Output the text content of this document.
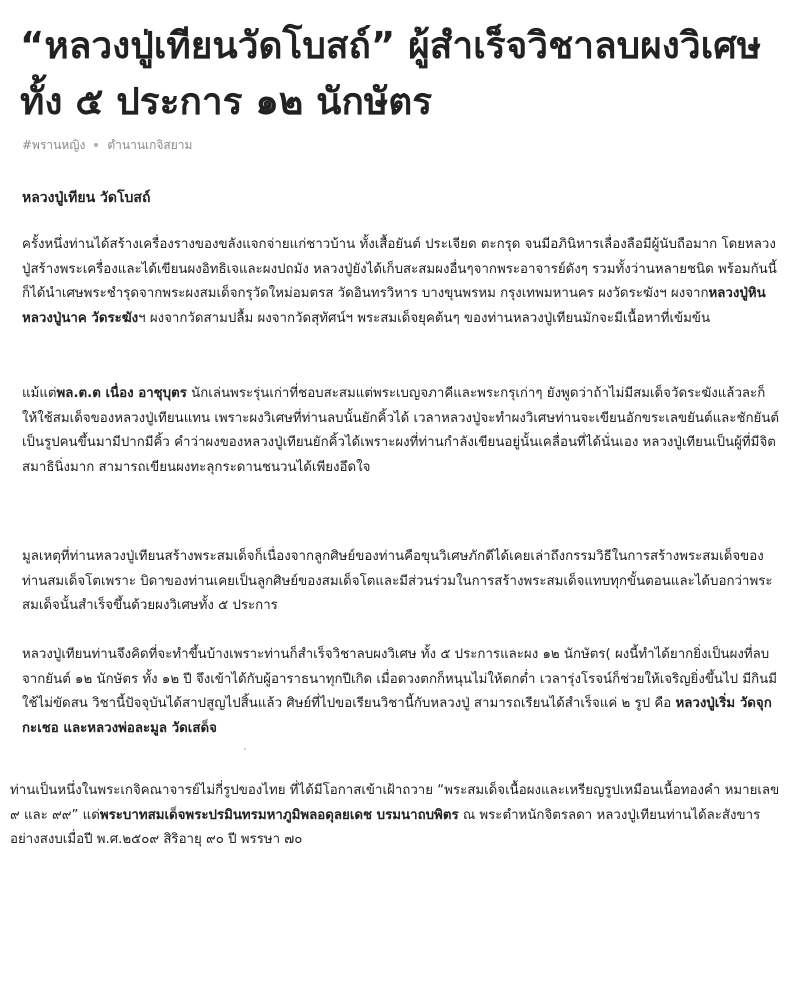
“หลวงปู่เทียนวัดโบสถ์” ผู้สำเร็จวิชาลบผงวิเศษ ทั้ง ๕ ประการ ๑๒ นักษัตร
#พรานหญิง ตำนานเกจิสยาม
หลวงปู่เทียน วัดโบสถ์

ครั้งหนึ่งท่านได้สร้างเครื่องรางของขลังแจกจ่ายแก่ชาวบ้าน ทั้งเสื้อยันต์ ประเจียด ตะกรุด จนมีอภินิหารเลื่องลือมีผู้นับถือมาก โดยหลวงปู่สร้างพระเครื่องและได้เขียนผงอิทธิเจและผงปถมัง หลวงปู่ยังได้เก็บสะสมผงอื่นๆจากพระอาจารย์ดังๆ รวมทั้งว่านหลายชนิด พร้อมกันนี้ก็ได้นำเศษพระชำรุดจากพระผงสมเด็จกรุวัดใหม่อมตรส วัดอินทรวิหาร บางขุนพรหม กรุงเทพมหานคร ผงวัดระฆังฯ ผงจากหลวงปู่หิน หลวงปู่นาค วัดระฆังฯ ผงจากวัดสามปลื้ม ผงจากวัดสุทัศน์ฯ พระสมเด็จยุคต้นๆ ของท่านหลวงปู่เทียนมักจะมีเนื้อหาที่เข้มข้น

แม้แต่พล.ต.ต เนื่อง อาชุบุตร นักเล่นพระรุ่นเก่าที่ชอบสะสมแต่พระเบญจภาคีและพระกรุเก่าๆ ยังพูดว่าถ้าไม่มีสมเด็จวัดระฆังแล้วละก็ให้ใช้สมเด็จของหลวงปู่เทียนแทน เพราะผงวิเศษที่ท่านลบนั้นยักคิ้วได้ เวลาหลวงปู่จะทำผงวิเศษท่านจะเขียนอักขระเลขยันต์และชักยันต์เป็นรูปคนขึ้นมามีปากมีคิ้ว คำว่าผงของหลวงปู่เทียนยักคิ้วได้เพราะผงที่ท่านกำลังเขียนอยู่นั้นเคลื่อนที่ได้นั่นเอง หลวงปู่เทียนเป็นผู้ที่มีจิตสมาธินิ่งมาก สามารถเขียนผงทะลุกระดานชนวนได้เพียงอึดใจ

มูลเหตุที่ท่านหลวงปู่เทียนสร้างพระสมเด็จก็เนื่องจากลูกศิษย์ของท่านคือขุนวิเศษภักดีได้เคยเล่าถึงกรรมวิธีในการสร้างพระสมเด็จของท่านสมเด็จโตเพราะ บิดาของท่านเคยเป็นลูกศิษย์ของสมเด็จโตและมีส่วนร่วมในการสร้างพระสมเด็จแทบทุกขั้นตอนและได้บอกว่าพระสมเด็จนั้นสำเร็จขึ้นด้วยผงวิเศษทั้ง ๕ ประการ

หลวงปู่เทียนท่านจึงคิดที่จะทำขึ้นบ้างเพราะท่านก็สำเร็จวิชาลบผงวิเศษ ทั้ง ๕ ประการและผง ๑๒ นักษัตร( ผงนี้ทำได้ยากยิ่งเป็นผงที่ลบจากยันต์ ๑๒ นักษัตร ทั้ง ๑๒ ปี จึงเข้าได้กับผู้อาราธนาทุกปีเกิด เมื่อดวงตกก็หนุนไม่ให้ตกต่ำ เวลารุ่งโรจน์ก็ช่วยให้เจริญยิ่งขึ้นไป มีกินมีใช้ไม่ขัดสน วิชานี้ปัจจุบันได้สาปสูญไปสิ้นแล้ว ศิษย์ที่ไปขอเรียนวิชานี้กับหลวงปู่ สามารถเรียนได้สำเร็จแค่ ๒ รูป คือ หลวงปู่เริ่ม วัดจุกกะเชอ และหลวงพ่อละมูล วัดเสด็จ

ท่านเป็นหนึ่งในพระเกจิคณาจารย์ไม่กี่รูปของไทย ที่ได้มีโอกาสเข้าเฝ้าถวาย “พระสมเด็จเนื้อผงและเหรียญรูปเหมือนเนื้อทองคำ หมายเลข ๙ และ ๙๙” แด่พระบาทสมเด็จพระปรมินทรมหาภูมิพลอดุลยเดช บรมนาถบพิตร ณ พระตำหนักจิตรลดา หลวงปู่เทียนท่านได้ละสังขารอย่างสงบเมื่อปี พ.ศ.๒๕๐๙ สิริอายุ ๙๐ ปี พรรษา ๗๐
